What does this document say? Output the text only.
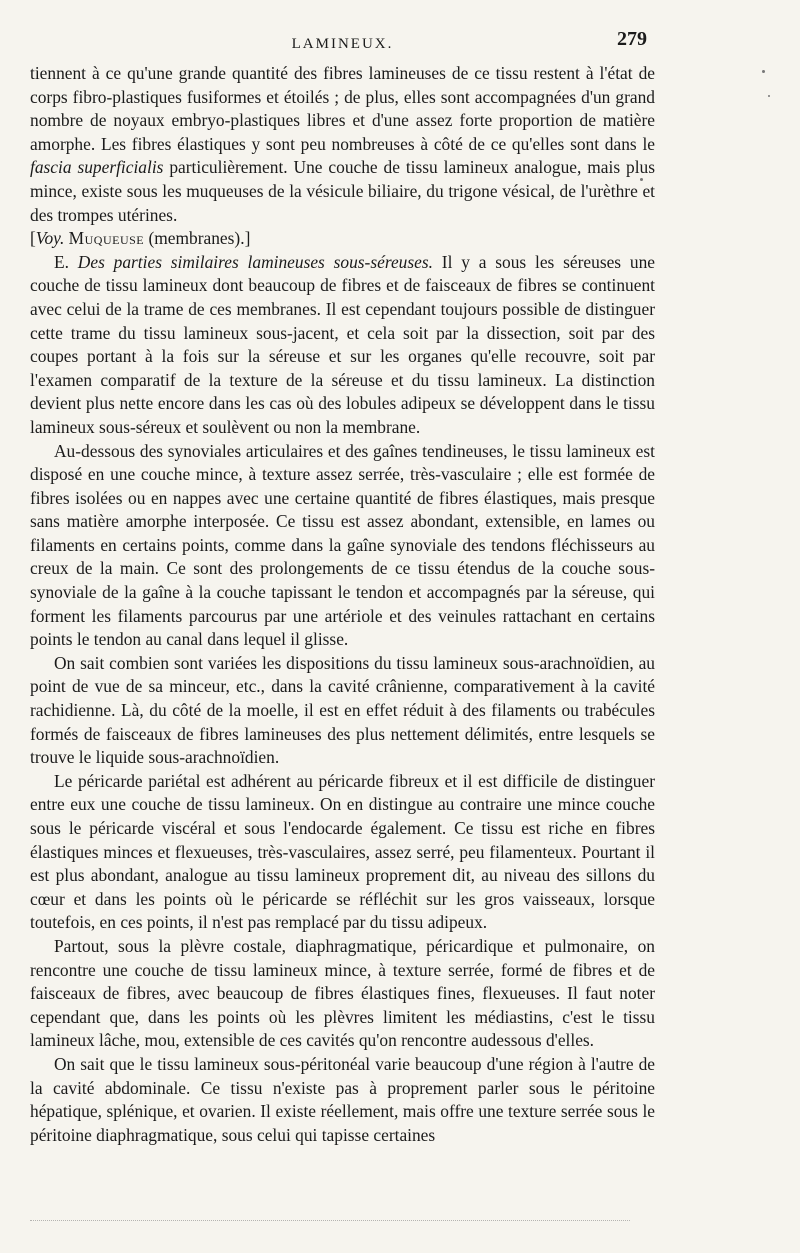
LAMINEUX.	279

tiennent à ce qu'une grande quantité des fibres lamineuses de ce tissu restent à l'état de corps fibro-plastiques fusiformes et étoilés ; de plus, elles sont accompagnées d'un grand nombre de noyaux embryo-plastiques libres et d'une assez forte proportion de matière amorphe. Les fibres élastiques y sont peu nombreuses à côté de ce qu'elles sont dans le fascia superficialis particulièrement. Une couche de tissu lamineux analogue, mais plus mince, existe sous les muqueuses de la vésicule biliaire, du trigone vésical, de l'urèthre et des trompes utérines.

[Voy. Muqueuse (membranes).]

E. Des parties similaires lamineuses sous-séreuses. Il y a sous les séreuses une couche de tissu lamineux dont beaucoup de fibres et de faisceaux de fibres se continuent avec celui de la trame de ces membranes. Il est cependant toujours possible de distinguer cette trame du tissu lamineux sous-jacent, et cela soit par la dissection, soit par des coupes portant à la fois sur la séreuse et sur les organes qu'elle recouvre, soit par l'examen comparatif de la texture de la séreuse et du tissu lamineux. La distinction devient plus nette encore dans les cas où des lobules adipeux se développent dans le tissu lamineux sous-séreux et soulèvent ou non la membrane.

Au-dessous des synoviales articulaires et des gaînes tendineuses, le tissu lamineux est disposé en une couche mince, à texture assez serrée, très-vasculaire ; elle est formée de fibres isolées ou en nappes avec une certaine quantité de fibres élastiques, mais presque sans matière amorphe interposée. Ce tissu est assez abondant, extensible, en lames ou filaments en certains points, comme dans la gaîne synoviale des tendons fléchisseurs au creux de la main. Ce sont des prolongements de ce tissu étendus de la couche sous-synoviale de la gaîne à la couche tapissant le tendon et accompagnés par la séreuse, qui forment les filaments parcourus par une artériole et des veinules rattachant en certains points le tendon au canal dans lequel il glisse.

On sait combien sont variées les dispositions du tissu lamineux sous-arachnoïdien, au point de vue de sa minceur, etc., dans la cavité crânienne, comparativement à la cavité rachidienne. Là, du côté de la moelle, il est en effet réduit à des filaments ou trabécules formés de faisceaux de fibres lamineuses des plus nettement délimités, entre lesquels se trouve le liquide sous-arachnoïdien.

Le péricarde pariétal est adhérent au péricarde fibreux et il est difficile de distinguer entre eux une couche de tissu lamineux. On en distingue au contraire une mince couche sous le péricarde viscéral et sous l'endocarde également. Ce tissu est riche en fibres élastiques minces et flexueuses, très-vasculaires, assez serré, peu filamenteux. Pourtant il est plus abondant, analogue au tissu lamineux proprement dit, au niveau des sillons du cœur et dans les points où le péricarde se réfléchit sur les gros vaisseaux, lorsque toutefois, en ces points, il n'est pas remplacé par du tissu adipeux.

Partout, sous la plèvre costale, diaphragmatique, péricardique et pulmonaire, on rencontre une couche de tissu lamineux mince, à texture serrée, formé de fibres et de faisceaux de fibres, avec beaucoup de fibres élastiques fines, flexueuses. Il faut noter cependant que, dans les points où les plèvres limitent les médiastins, c'est le tissu lamineux lâche, mou, extensible de ces cavités qu'on rencontre audessous d'elles.

On sait que le tissu lamineux sous-péritonéal varie beaucoup d'une région à l'autre de la cavité abdominale. Ce tissu n'existe pas à proprement parler sous le péritoine hépatique, splénique, et ovarien. Il existe réellement, mais offre une texture serrée sous le péritoine diaphragmatique, sous celui qui tapisse certaines
